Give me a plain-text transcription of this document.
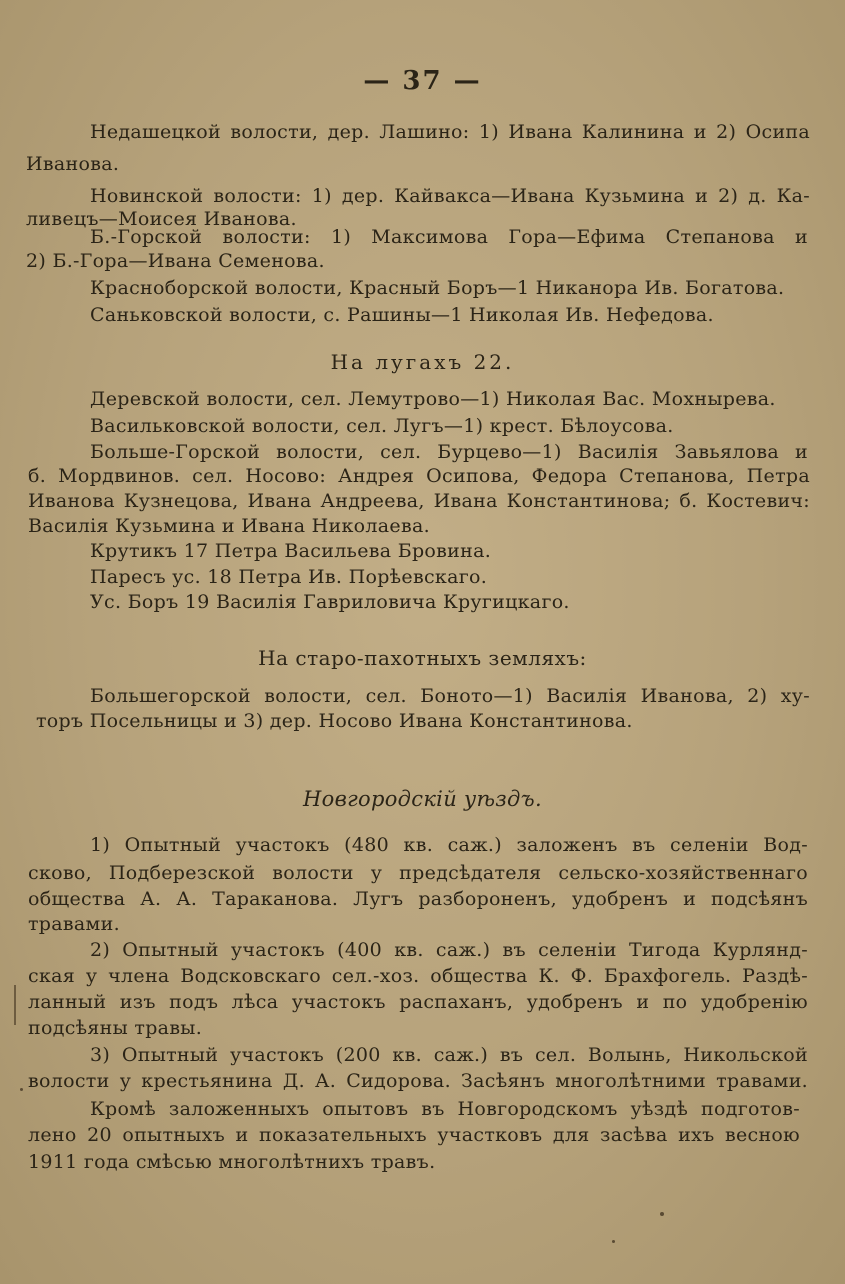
— 37 —
Недашецкой волости, дер. Лашино: 1) Ивана Калинина и 2) Осипа
Иванова.
Новинской волости: 1) дер. Кайвакса—Ивана Кузьмина и 2) д. Ка-
ливецъ—Моисея Иванова.
Б.-Горской волости: 1) Максимова Гора—Ефима Степанова и
2) Б.-Гора—Ивана Семенова.
Красноборской волости, Красный Боръ—1 Никанора Ив. Богатова.
Саньковской волости, с. Рашины—1 Николая Ив. Нефедова.
На лугахъ 22.
Деревской волости, сел. Лемутрово—1) Николая Вас. Мохнырева.
Васильковской волости, сел. Лугъ—1) крест. Бѣлоусова.
Больше-Горской волости, сел. Бурцево—1) Василія Завьялова и
б. Мордвинов. сел. Носово: Андрея Осипова, Федора Степанова, Петра
Иванова Кузнецова, Ивана Андреева, Ивана Константинова; б. Костевич:
Василія Кузьмина и Ивана Николаева.
Крутикъ 17 Петра Васильева Бровина.
Паресъ ус. 18 Петра Ив. Порѣевскаго.
Ус. Боръ 19 Василія Гавриловича Кругицкаго.
На старо-пахотныхъ земляхъ:
Большегорской волости, сел. Боното—1) Василія Иванова, 2) ху-
торъ Посельницы и 3) дер. Носово Ивана Константинова.
Новгородскій уѣздъ.
1) Опытный участокъ (480 кв. саж.) заложенъ въ селеніи Вод-
сково, Подберезской волости у предсѣдателя сельско-хозяйственнаго
общества А. А. Тараканова. Лугъ разбороненъ, удобренъ и подсѣянъ
травами.
2) Опытный участокъ (400 кв. саж.) въ селеніи Тигода Курлянд-
ская у члена Водсковскаго сел.-хоз. общества К. Ф. Брахфогель. Раздѣ-
ланный изъ подъ лѣса участокъ распаханъ, удобренъ и по удобренію
подсѣяны травы.
3) Опытный участокъ (200 кв. саж.) въ сел. Волынь, Никольской
волости у крестьянина Д. А. Сидорова. Засѣянъ многолѣтними травами.
Кромѣ заложенныхъ опытовъ въ Новгородскомъ уѣздѣ подготов-
лено 20 опытныхъ и показательныхъ участковъ для засѣва ихъ весною
1911 года смѣсью многолѣтнихъ травъ.
